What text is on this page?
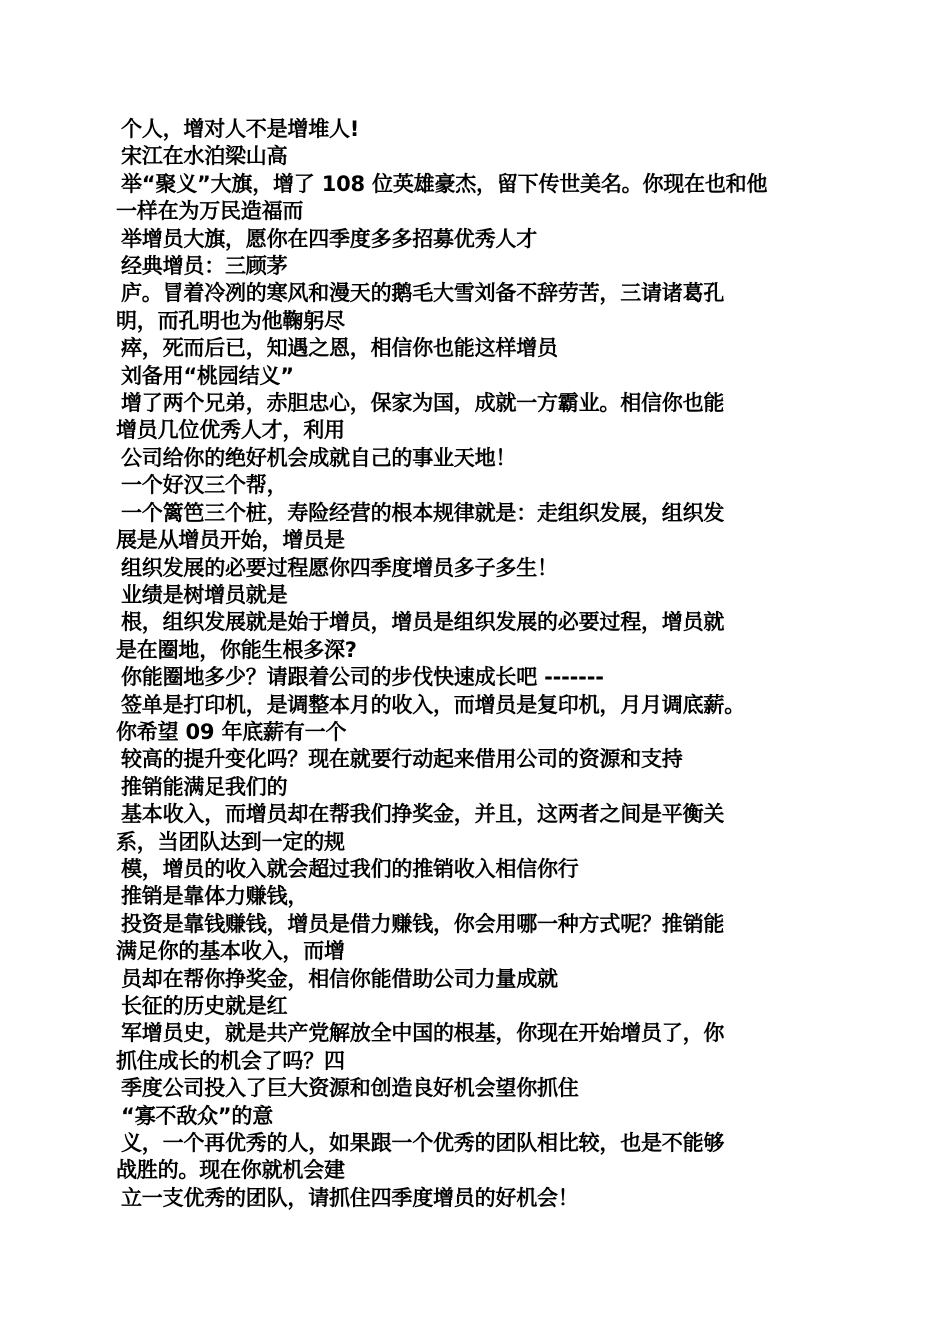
个人，增对人不是增堆人!
宋江在水泊梁山高
举“聚义”大旗，增了 108 位英雄豪杰，留下传世美名。你现在也和他
一样在为万民造福而
举增员大旗，愿你在四季度多多招募优秀人才
经典增员：三顾茅
庐。冒着冷冽的寒风和漫天的鹅毛大雪刘备不辞劳苦，三请诸葛孔
明，而孔明也为他鞠躬尽
瘁，死而后已，知遇之恩，相信你也能这样增员
刘备用“桃园结义”
增了两个兄弟，赤胆忠心，保家为国，成就一方霸业。相信你也能
增员几位优秀人才，利用
公司给你的绝好机会成就自己的事业天地！
一个好汉三个帮，
一个篱笆三个桩，寿险经营的根本规律就是：走组织发展，组织发
展是从增员开始，增员是
组织发展的必要过程愿你四季度增员多子多生！
业绩是树增员就是
根，组织发展就是始于增员，增员是组织发展的必要过程，增员就
是在圈地，你能生根多深?
你能圈地多少？请跟着公司的步伐快速成长吧 -------
签单是打印机，是调整本月的收入，而增员是复印机，月月调底薪。
你希望 09 年底薪有一个
较高的提升变化吗？现在就要行动起来借用公司的资源和支持
推销能满足我们的
基本收入，而增员却在帮我们挣奖金，并且，这两者之间是平衡关
系，当团队达到一定的规
模，增员的收入就会超过我们的推销收入相信你行
推销是靠体力赚钱，
投资是靠钱赚钱，增员是借力赚钱，你会用哪一种方式呢？推销能
满足你的基本收入，而增
员却在帮你挣奖金，相信你能借助公司力量成就
长征的历史就是红
军增员史，就是共产党解放全中国的根基，你现在开始增员了，你
抓住成长的机会了吗？四
季度公司投入了巨大资源和创造良好机会望你抓住
“寡不敌众”的意
义，一个再优秀的人，如果跟一个优秀的团队相比较，也是不能够
战胜的。现在你就机会建
立一支优秀的团队，请抓住四季度增员的好机会！
